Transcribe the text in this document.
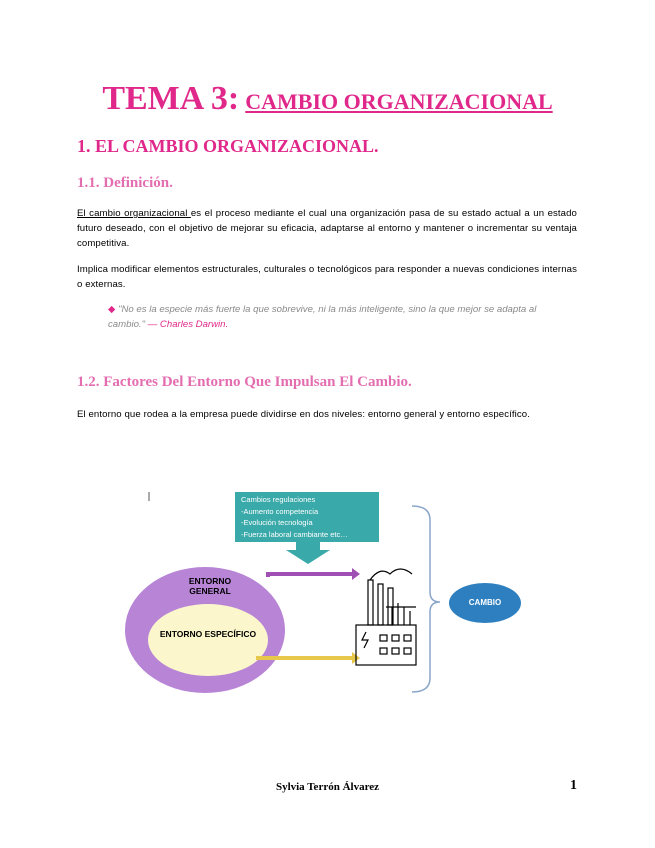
TEMA 3: CAMBIO ORGANIZACIONAL
1. EL CAMBIO ORGANIZACIONAL.
1.1. Definición.
El cambio organizacional es el proceso mediante el cual una organización pasa de su estado actual a un estado futuro deseado, con el objetivo de mejorar su eficacia, adaptarse al entorno y mantener o incrementar su ventaja competitiva.
Implica modificar elementos estructurales, culturales o tecnológicos para responder a nuevas condiciones internas o externas.
◆ "No es la especie más fuerte la que sobrevive, ni la más inteligente, sino la que mejor se adapta al cambio." — Charles Darwin.
1.2. Factores Del Entorno Que Impulsan El Cambio.
El entorno que rodea a la empresa puede dividirse en dos niveles: entorno general y entorno específico.
Cambios regulaciones
-Aumento competencia
-Evolución tecnología
-Fuerza laboral cambiante etc…
ENTORNO
GENERAL
ENTORNO ESPECÍFICO
CAMBIO
Sylvia Terrón Álvarez	1
